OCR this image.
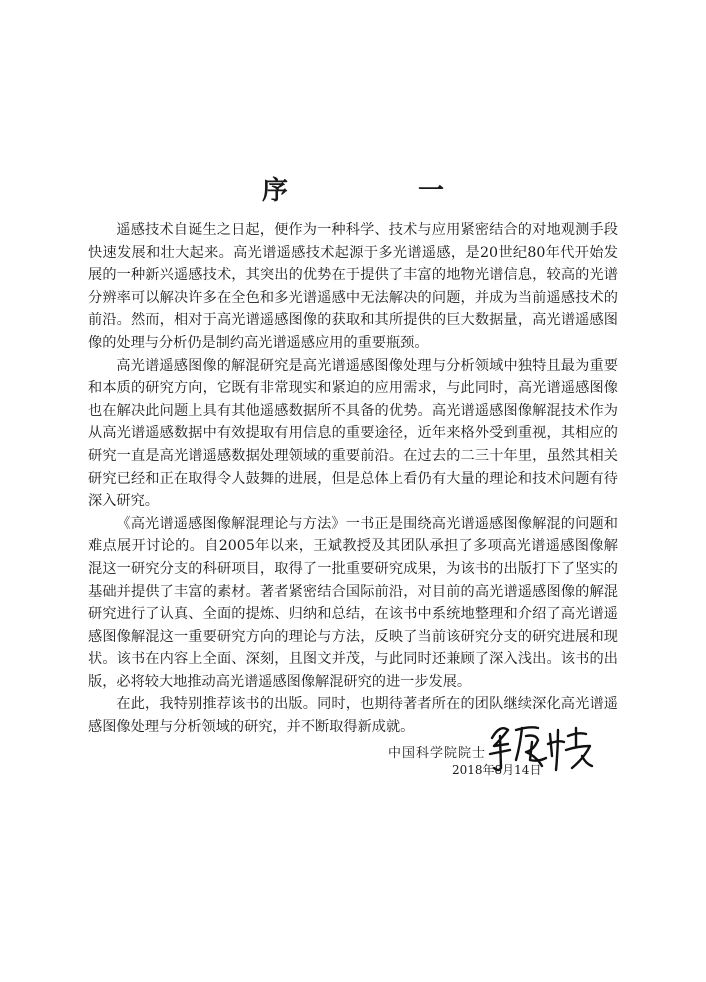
序　一

遥感技术自诞生之日起，便作为一种科学、技术与应用紧密结合的对地观测手段快速发展和壮大起来。高光谱遥感技术起源于多光谱遥感，是20世纪80年代开始发展的一种新兴遥感技术，其突出的优势在于提供了丰富的地物光谱信息，较高的光谱分辨率可以解决许多在全色和多光谱遥感中无法解决的问题，并成为当前遥感技术的前沿。然而，相对于高光谱遥感图像的获取和其所提供的巨大数据量，高光谱遥感图像的处理与分析仍是制约高光谱遥感应用的重要瓶颈。

高光谱遥感图像的解混研究是高光谱遥感图像处理与分析领域中独特且最为重要和本质的研究方向，它既有非常现实和紧迫的应用需求，与此同时，高光谱遥感图像也在解决此问题上具有其他遥感数据所不具备的优势。高光谱遥感图像解混技术作为从高光谱遥感数据中有效提取有用信息的重要途径，近年来格外受到重视，其相应的研究一直是高光谱遥感数据处理领域的重要前沿。在过去的二三十年里，虽然其相关研究已经和正在取得令人鼓舞的进展，但是总体上看仍有大量的理论和技术问题有待深入研究。

《高光谱遥感图像解混理论与方法》一书正是围绕高光谱遥感图像解混的问题和难点展开讨论的。自2005年以来，王斌教授及其团队承担了多项高光谱遥感图像解混这一研究分支的科研项目，取得了一批重要研究成果，为该书的出版打下了坚实的基础并提供了丰富的素材。著者紧密结合国际前沿，对目前的高光谱遥感图像的解混研究进行了认真、全面的提炼、归纳和总结，在该书中系统地整理和介绍了高光谱遥感图像解混这一重要研究方向的理论与方法，反映了当前该研究分支的研究进展和现状。该书在内容上全面、深刻，且图文并茂，与此同时还兼顾了深入浅出。该书的出版，必将较大地推动高光谱遥感图像解混研究的进一步发展。

在此，我特别推荐该书的出版。同时，也期待著者所在的团队继续深化高光谱遥感图像处理与分析领域的研究，并不断取得新成就。

中国科学院院士
2018年8月14日
